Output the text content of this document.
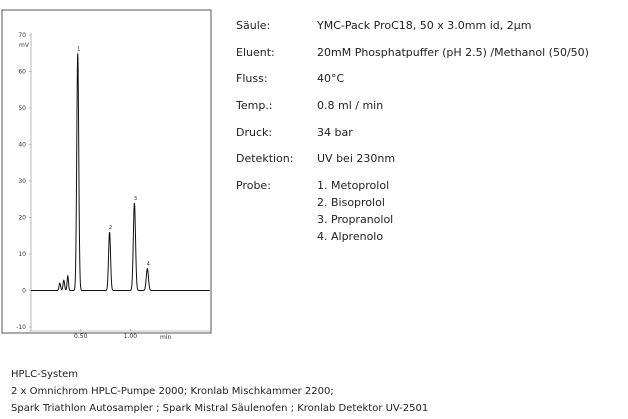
70
60
50
40
30
20
10
0
-10
0.50	1.00
mV
min
1
2
3
4
Säule:	YMC-Pack ProC18, 50 x 3.0mm id, 2μm
Eluent:	20mM Phosphatpuffer (pH 2.5) /Methanol (50/50)
Fluss:	40°C
Temp.:	0.8 ml / min
Druck:	34 bar
Detektion: UV bei 230nm
Probe:	1. Metoprolol
2. Bisoprolol
3. Propranolol
4. Alprenolo
HPLC-System
2 x Omnichrom HPLC-Pumpe 2000; Kronlab Mischkammer 2200;
Spark Triathlon Autosampler ; Spark Mistral Säulenofen ; Kronlab Detektor UV-2501
